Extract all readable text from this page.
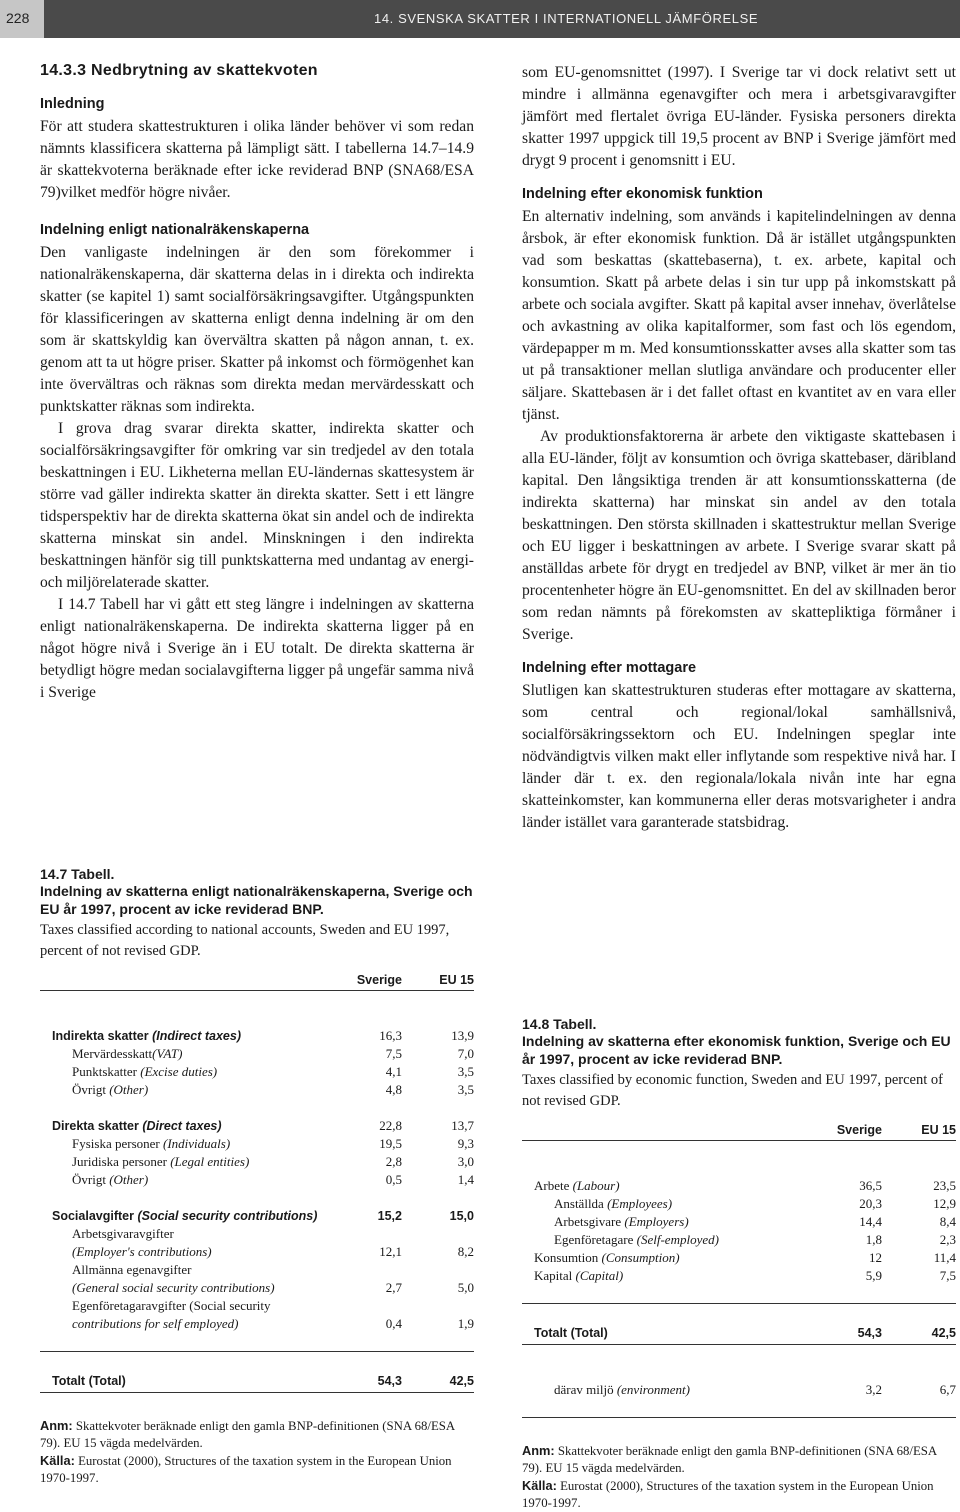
228	14. SVENSKA SKATTER I INTERNATIONELL JÄMFÖRELSE
14.3.3 Nedbrytning av skattekvoten
Inledning

För att studera skattestrukturen i olika länder behöver vi som redan nämnts klassificera skatterna på lämpligt sätt. I tabellerna 14.7–14.9 är skattekvoterna beräknade efter icke reviderad BNP (SNA68/ESA 79)vilket medför högre nivåer.

Indelning enligt nationalräkenskaperna

Den vanligaste indelningen är den som förekommer i nationalräkenskaperna, där skatterna delas in i direkta och indirekta skatter (se kapitel 1) samt socialförsäkringsavgifter. Utgångspunkten för klassificeringen av skatterna enligt denna indelning är om den som är skattskyldig kan övervältra skatten på någon annan, t. ex. genom att ta ut högre priser. Skatter på inkomst och förmögenhet kan inte övervältras och räknas som direkta medan mervärdesskatt och punktskatter räknas som indirekta.

I grova drag svarar direkta skatter, indirekta skatter och socialförsäkringsavgifter för omkring var sin tredjedel av den totala beskattningen i EU. Likheterna mellan EU-ländernas skattesystem är större vad gäller indirekta skatter än direkta skatter. Sett i ett längre tidsperspektiv har de direkta skatterna ökat sin andel och de indirekta skatterna minskat sin andel. Minskningen i den indirekta beskattningen hänför sig till punktskatterna med undantag av energi- och miljörelaterade skatter.

I 14.7 Tabell har vi gått ett steg längre i indelningen av skatterna enligt nationalräkenskaperna. De indirekta skatterna ligger på en något högre nivå i Sverige än i EU totalt. De direkta skatterna är betydligt högre medan socialavgifterna ligger på ungefär samma nivå i Sverige

som EU-genomsnittet (1997). I Sverige tar vi dock relativt sett ut mindre i allmänna egenavgifter och mera i arbetsgivaravgifter jämfört med flertalet övriga EU-länder. Fysiska personers direkta skatter 1997 uppgick till 19,5 procent av BNP i Sverige jämfört med drygt 9 procent i genomsnitt i EU.

Indelning efter ekonomisk funktion

En alternativ indelning, som används i kapitelindelningen av denna årsbok, är efter ekonomisk funktion. Då är istället utgångspunkten vad som beskattas (skattebaserna), t. ex. arbete, kapital och konsumtion. Skatt på arbete delas i sin tur upp på inkomstskatt på arbete och sociala avgifter. Skatt på kapital avser innehav, överlåtelse och avkastning av olika kapitalformer, som fast och lös egendom, värdepapper m m. Med konsumtionsskatter avses alla skatter som tas ut på transaktioner mellan slutliga användare och producenter eller säljare. Skattebasen är i det fallet oftast en kvantitet av en vara eller tjänst.

Av produktionsfaktorerna är arbete den viktigaste skattebasen i alla EU-länder, följt av konsumtion och övriga skattebaser, däribland kapital. Den långsiktiga trenden är att konsumtionsskatterna (de indirekta skatterna) har minskat sin andel av den totala beskattningen. Den största skillnaden i skattestruktur mellan Sverige och EU ligger i beskattningen av arbete. I Sverige svarar skatt på anställdas arbete för drygt en tredjedel av BNP, vilket är mer än tio procentenheter högre än EU-genomsnittet. En del av skillnaden beror som redan nämnts på förekomsten av skattepliktiga förmåner i Sverige.

Indelning efter mottagare

Slutligen kan skattestrukturen studeras efter mottagare av skatterna, som central och regional/lokal samhällsnivå, socialförsäkringssektorn och EU. Indelningen speglar inte nödvändigtvis vilken makt eller inflytande som respektive nivå har. I länder där t. ex. den regionala/lokala nivån inte har egna skatteinkomster, kan kommunerna eller deras motsvarigheter i andra länder istället vara garanterade statsbidrag.

14.7 Tabell.

Indelning av skatterna enligt nationalräkenskaperna, Sverige och EU år 1997, procent av icke reviderad BNP.

Taxes classified according to national accounts, Sweden and EU 1997, percent of not revised GDP.

	Sverige	EU 15

Indirekta skatter (Indirect taxes)	16,3	13,9
Mervärdesskatt(VAT)	7,5	7,0
Punktskatter (Excise duties)	4,1	3,5
Övrigt (Other)	4,8	3,5

Direkta skatter (Direct taxes)	22,8	13,7
Fysiska personer (Individuals)	19,5	9,3
Juridiska personer (Legal entities)	2,8	3,0
Övrigt (Other)	0,5	1,4

Socialavgifter (Social security contributions)	15,2	15,0
Arbetsgivaravgifter		
(Employer's contributions)	12,1	8,2
Allmänna egenavgifter		
(General social security contributions)	2,7	5,0
Egenföretagaravgifter (Social security		
contributions for self employed)	0,4	1,9

Totalt (Total)	54,3	42,5

Anm: Skattekvoter beräknade enligt den gamla BNP-definitionen (SNA 68/ESA 79). EU 15 vägda medelvärden.

Källa: Eurostat (2000), Structures of the taxation system in the European Union 1970-1997.

14.8 Tabell.

Indelning av skatterna efter ekonomisk funktion, Sverige och EU år 1997, procent av icke reviderad BNP.

Taxes classified by economic function, Sweden and EU 1997, percent of not revised GDP.

	Sverige	EU 15

Arbete (Labour)	36,5	23,5
Anställda (Employees)	20,3	12,9
Arbetsgivare (Employers)	14,4	8,4
Egenföretagare (Self-employed)	1,8	2,3
Konsumtion (Consumption)	12	11,4
Kapital (Capital)	5,9	7,5

Totalt (Total)	54,3	42,5

därav miljö (environment)	3,2	6,7

Anm: Skattekvoter beräknade enligt den gamla BNP-definitionen (SNA 68/ESA 79). EU 15 vägda medelvärden.

Källa: Eurostat (2000), Structures of the taxation system in the European Union 1970-1997.
